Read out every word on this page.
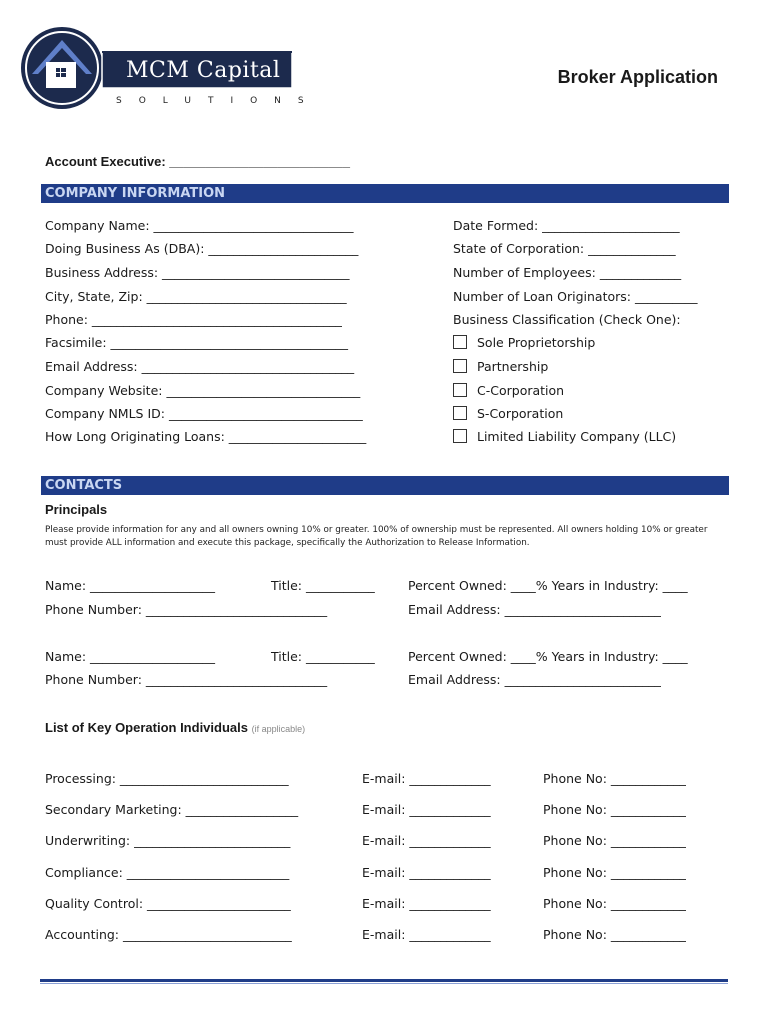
MCM Capital
SOLUTIONS
Broker Application
Account Executive: _________________________
COMPANY INFORMATION
Company Name: ________________________________
Doing Business As (DBA): ________________________
Business Address: ______________________________
City, State, Zip: ________________________________
Phone: ________________________________________
Facsimile: ______________________________________
Email Address: __________________________________
Company Website: _______________________________
Company NMLS ID: _______________________________
How Long Originating Loans: ______________________
Date Formed: ______________________
State of Corporation: ______________
Number of Employees: _____________
Number of Loan Originators: __________
Business Classification (Check One):
Sole Proprietorship
Partnership
C-Corporation
S-Corporation
Limited Liability Company (LLC)
CONTACTS
Principals
Please provide information for any and all owners owning 10% or greater. 100% of ownership must be represented. All owners holding 10% or greater must provide ALL information and execute this package, specifically the Authorization to Release Information.
Name: ____________________	Title: ___________	Percent Owned: ____% Years in Industry: ____
Phone Number: _____________________________	Email Address: _________________________
Name: ____________________	Title: ___________	Percent Owned: ____% Years in Industry: ____
Phone Number: _____________________________	Email Address: _________________________
List of Key Operation Individuals (if applicable)
Processing: ___________________________	E-mail: _____________	Phone No: ____________
Secondary Marketing: __________________	E-mail: _____________	Phone No: ____________
Underwriting: _________________________	E-mail: _____________	Phone No: ____________
Compliance: __________________________	E-mail: _____________	Phone No: ____________
Quality Control: _______________________	E-mail: _____________	Phone No: ____________
Accounting: ___________________________	E-mail: _____________	Phone No: ____________
